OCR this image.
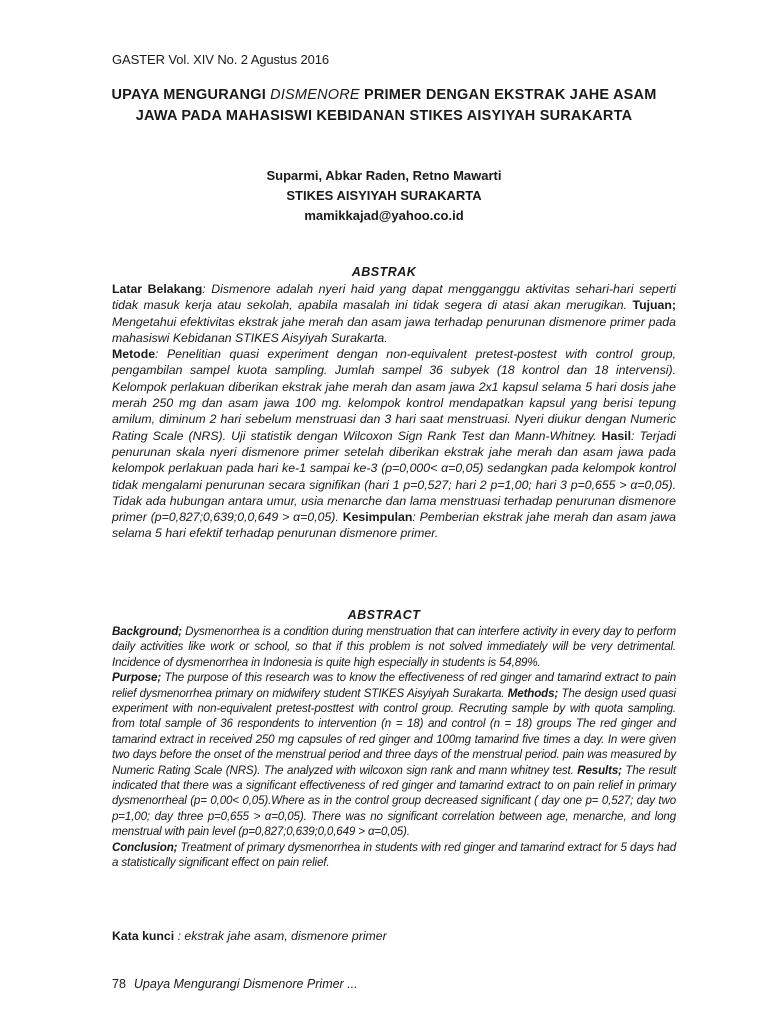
GASTER Vol. XIV No. 2 Agustus 2016
UPAYA MENGURANGI DISMENORE PRIMER DENGAN EKSTRAK JAHE ASAM JAWA PADA MAHASISWI KEBIDANAN STIKES AISYIYAH SURAKARTA
Suparmi, Abkar Raden, Retno Mawarti
STIKES AISYIYAH SURAKARTA
mamikkajad@yahoo.co.id
ABSTRAK

Latar Belakang: Dismenore adalah nyeri haid yang dapat mengganggu aktivitas sehari-hari seperti tidak masuk kerja atau sekolah, apabila masalah ini tidak segera di atasi akan merugikan. Tujuan; Mengetahui efektivitas ekstrak jahe merah dan asam jawa terhadap penurunan dismenore primer pada mahasiswi Kebidanan STIKES Aisyiyah Surakarta.
Metode: Penelitian quasi experiment dengan non-equivalent pretest-postest with control group, pengambilan sampel kuota sampling. Jumlah sampel 36 subyek (18 kontrol dan 18 intervensi). Kelompok perlakuan diberikan ekstrak jahe merah dan asam jawa 2x1 kapsul selama 5 hari dosis jahe merah 250 mg dan asam jawa 100 mg. kelompok kontrol mendapatkan kapsul yang berisi tepung amilum, diminum 2 hari sebelum menstruasi dan 3 hari saat menstruasi. Nyeri diukur dengan Numeric Rating Scale (NRS). Uji statistik dengan Wilcoxon Sign Rank Test dan Mann-Whitney. Hasil: Terjadi penurunan skala nyeri dismenore primer setelah diberikan ekstrak jahe merah dan asam jawa pada kelompok perlakuan pada hari ke-1 sampai ke-3 (p=0,000< α=0,05) sedangkan pada kelompok kontrol tidak mengalami penurunan secara signifikan (hari 1 p=0,527; hari 2 p=1,00; hari 3 p=0,655 > α=0,05). Tidak ada hubungan antara umur, usia menarche dan lama menstruasi terhadap penurunan dismenore primer (p=0,827;0,639;0,0,649 > α=0,05). Kesimpulan: Pemberian ekstrak jahe merah dan asam jawa selama 5 hari efektif terhadap penurunan dismenore primer.

ABSTRACT

Background; Dysmenorrhea is a condition during menstruation that can interfere activity in every day to perform daily activities like work or school, so that if this problem is not solved immediately will be very detrimental. Incidence of dysmenorrhea in Indonesia is quite high especially in students is 54,89%.
Purpose; The purpose of this research was to know the effectiveness of red ginger and tamarind extract to pain relief dysmenorrhea primary on midwifery student STIKES Aisyiyah Surakarta. Methods; The design used quasi experiment with non-equivalent pretest-posttest with control group. Recruting sample by with quota sampling. from total sample of 36 respondents to intervention (n = 18) and control (n = 18) groups The red ginger and tamarind extract in received 250 mg capsules of red ginger and 100mg tamarind five times a day. In were given two days before the onset of the menstrual period and three days of the menstrual period. pain was measured by Numeric Rating Scale (NRS). The analyzed with wilcoxon sign rank and mann whitney test. Results; The result indicated that there was a significant effectiveness of red ginger and tamarind extract to on pain relief in primary dysmenorrheal (p= 0,00< 0,05).Where as in the control group decreased significant ( day one p= 0,527; day two p=1,00; day three p=0,655 > α=0,05). There was no significant correlation between age, menarche, and long menstrual with pain level (p=0,827;0,639;0,0,649 > α=0,05).
Conclusion; Treatment of primary dysmenorrhea in students with red ginger and tamarind extract for 5 days had a statistically significant effect on pain relief.

Kata kunci : ekstrak jahe asam, dismenore primer
78 Upaya Mengurangi Dismenore Primer ...
